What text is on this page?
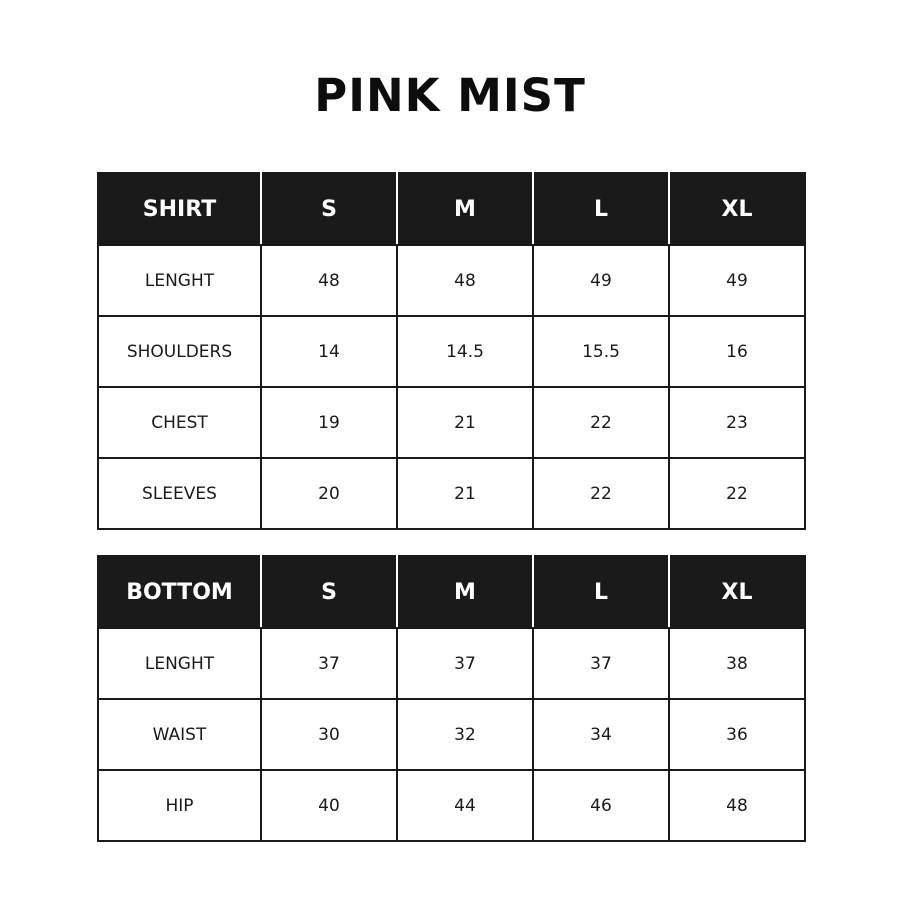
PINK MIST
SHIRT	S	M	L	XL
LENGHT	48	48	49	49
SHOULDERS	14	14.5	15.5	16
CHEST	19	21	22	23
SLEEVES	20	21	22	22
BOTTOM	S	M	L	XL
LENGHT	37	37	37	38
WAIST	30	32	34	36
HIP	40	44	46	48
